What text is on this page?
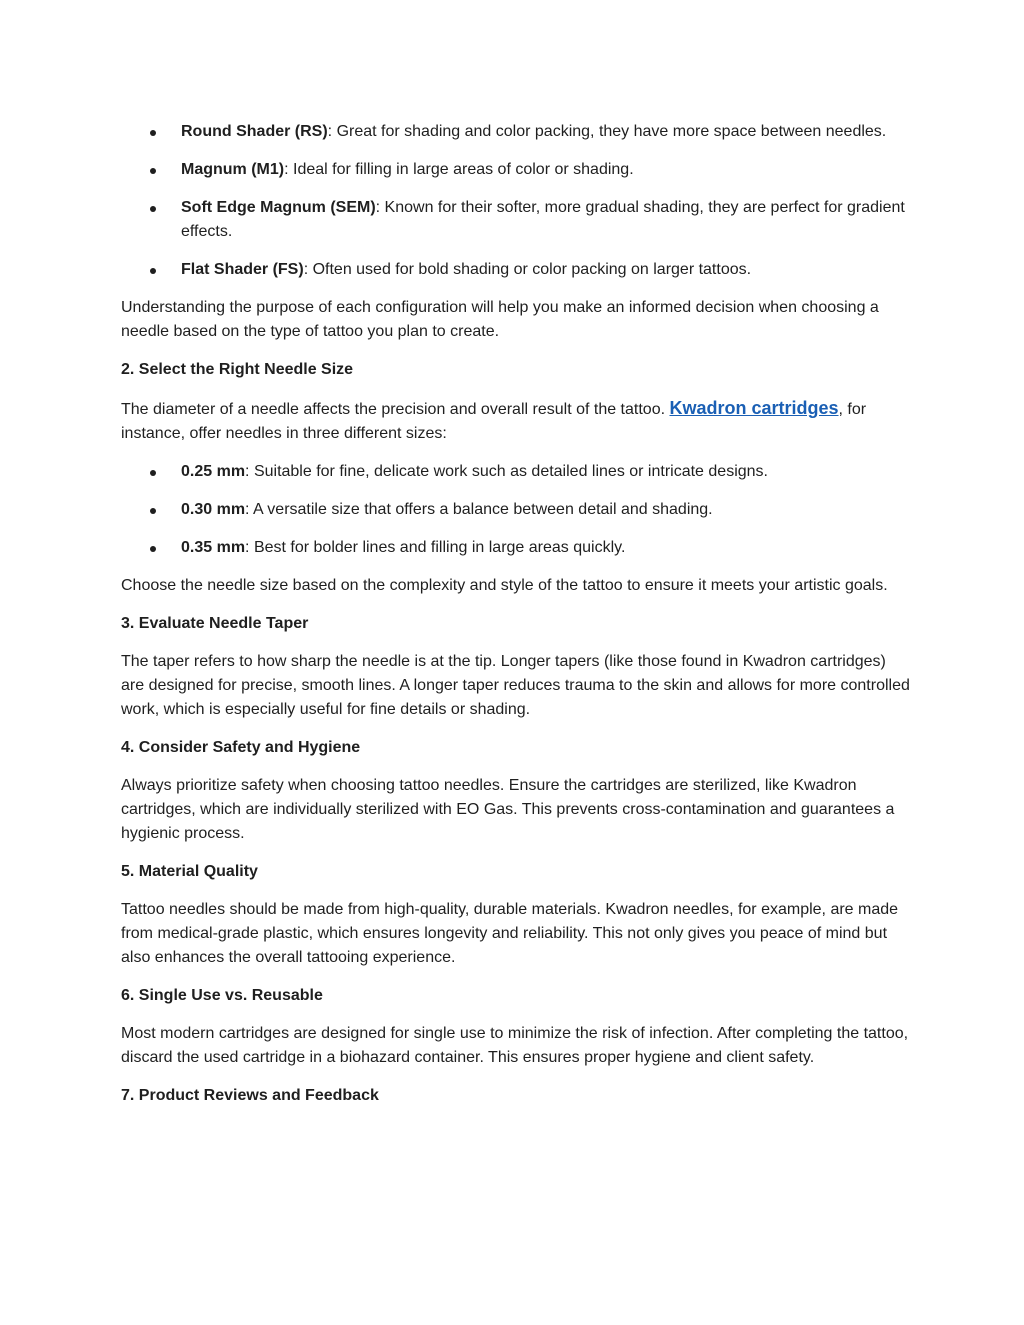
Round Shader (RS): Great for shading and color packing, they have more space between needles.
Magnum (M1): Ideal for filling in large areas of color or shading.
Soft Edge Magnum (SEM): Known for their softer, more gradual shading, they are perfect for gradient effects.
Flat Shader (FS): Often used for bold shading or color packing on larger tattoos.

Understanding the purpose of each configuration will help you make an informed decision when choosing a needle based on the type of tattoo you plan to create.

2. Select the Right Needle Size

The diameter of a needle affects the precision and overall result of the tattoo. Kwadron cartridges, for instance, offer needles in three different sizes:

0.25 mm: Suitable for fine, delicate work such as detailed lines or intricate designs.
0.30 mm: A versatile size that offers a balance between detail and shading.
0.35 mm: Best for bolder lines and filling in large areas quickly.

Choose the needle size based on the complexity and style of the tattoo to ensure it meets your artistic goals.

3. Evaluate Needle Taper

The taper refers to how sharp the needle is at the tip. Longer tapers (like those found in Kwadron cartridges) are designed for precise, smooth lines. A longer taper reduces trauma to the skin and allows for more controlled work, which is especially useful for fine details or shading.

4. Consider Safety and Hygiene

Always prioritize safety when choosing tattoo needles. Ensure the cartridges are sterilized, like Kwadron cartridges, which are individually sterilized with EO Gas. This prevents cross-contamination and guarantees a hygienic process.

5. Material Quality

Tattoo needles should be made from high-quality, durable materials. Kwadron needles, for example, are made from medical-grade plastic, which ensures longevity and reliability. This not only gives you peace of mind but also enhances the overall tattooing experience.

6. Single Use vs. Reusable

Most modern cartridges are designed for single use to minimize the risk of infection. After completing the tattoo, discard the used cartridge in a biohazard container. This ensures proper hygiene and client safety.

7. Product Reviews and Feedback
